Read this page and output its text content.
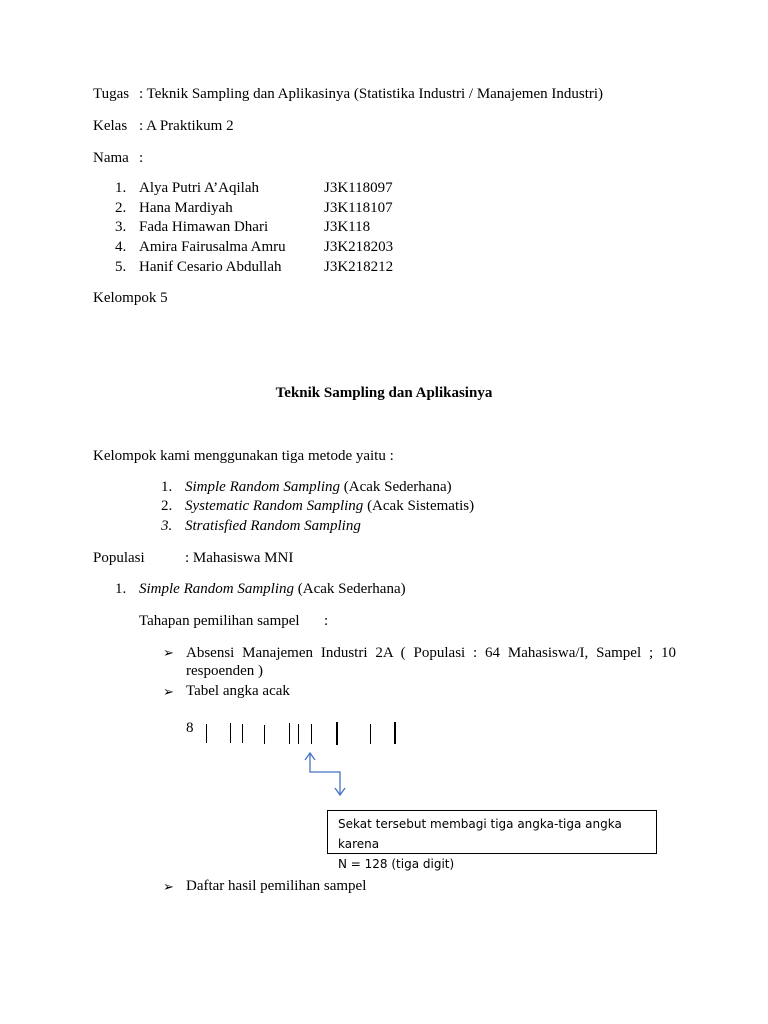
Tugas : Teknik Sampling dan Aplikasinya (Statistika Industri / Manajemen Industri)
Kelas : A Praktikum 2
Nama :
1. Alya Putri A’Aqilah	J3K118097
2. Hana Mardiyah	J3K118107
3. Fada Himawan Dhari	J3K118
4. Amira Fairusalma Amru	J3K218203
5. Hanif Cesario Abdullah	J3K218212
Kelompok 5
Teknik Sampling dan Aplikasinya
Kelompok kami menggunakan tiga metode yaitu :
1. Simple Random Sampling (Acak Sederhana)
2. Systematic Random Sampling (Acak Sistematis)
3. Stratisfied Random Sampling
Populasi	: Mahasiswa MNI
1. Simple Random Sampling (Acak Sederhana)
Tahapan pemilihan sampel :
➢ Absensi Manajemen Industri 2A ( Populasi : 64 Mahasiswa/I, Sampel ; 10 respoenden )
➢ Tabel angka acak
8
Sekat tersebut membagi tiga angka-tiga angka karena
N = 128 (tiga digit)
➢ Daftar hasil pemilihan sampel
